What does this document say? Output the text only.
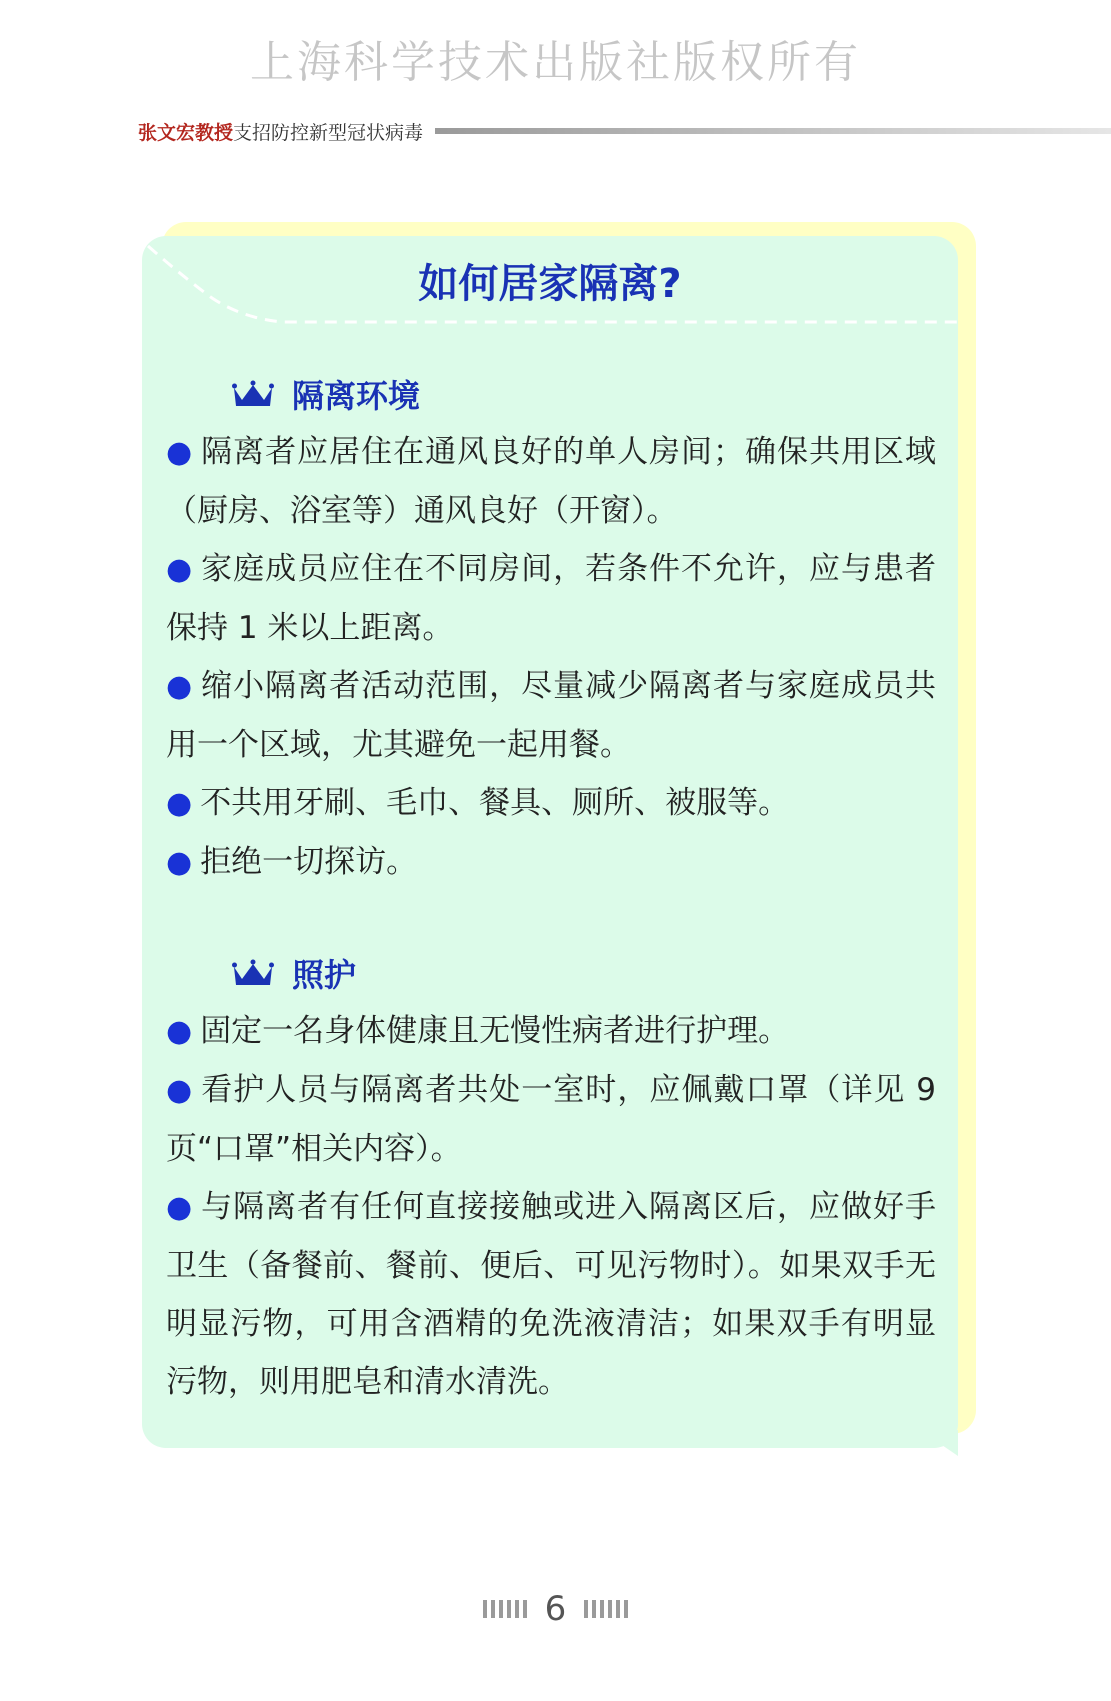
上海科学技术出版社版权所有
张文宏教授 支招防控新型冠状病毒
如何居家隔离?
隔离环境

● 隔离者应居住在通风良好的单人房间；确保共用区域（厨房、浴室等）通风良好（开窗）。

● 家庭成员应住在不同房间，若条件不允许，应与患者保持 1 米以上距离。

● 缩小隔离者活动范围，尽量减少隔离者与家庭成员共用一个区域，尤其避免一起用餐。

● 不共用牙刷、毛巾、餐具、厕所、被服等。

● 拒绝一切探访。

照护

● 固定一名身体健康且无慢性病者进行护理。

● 看护人员与隔离者共处一室时，应佩戴口罩（详见 9 页“口罩”相关内容）。

● 与隔离者有任何直接接触或进入隔离区后，应做好手卫生（备餐前、餐前、便后、可见污物时）。如果双手无明显污物，可用含酒精的免洗液清洁；如果双手有明显污物，则用肥皂和清水清洗。

6
